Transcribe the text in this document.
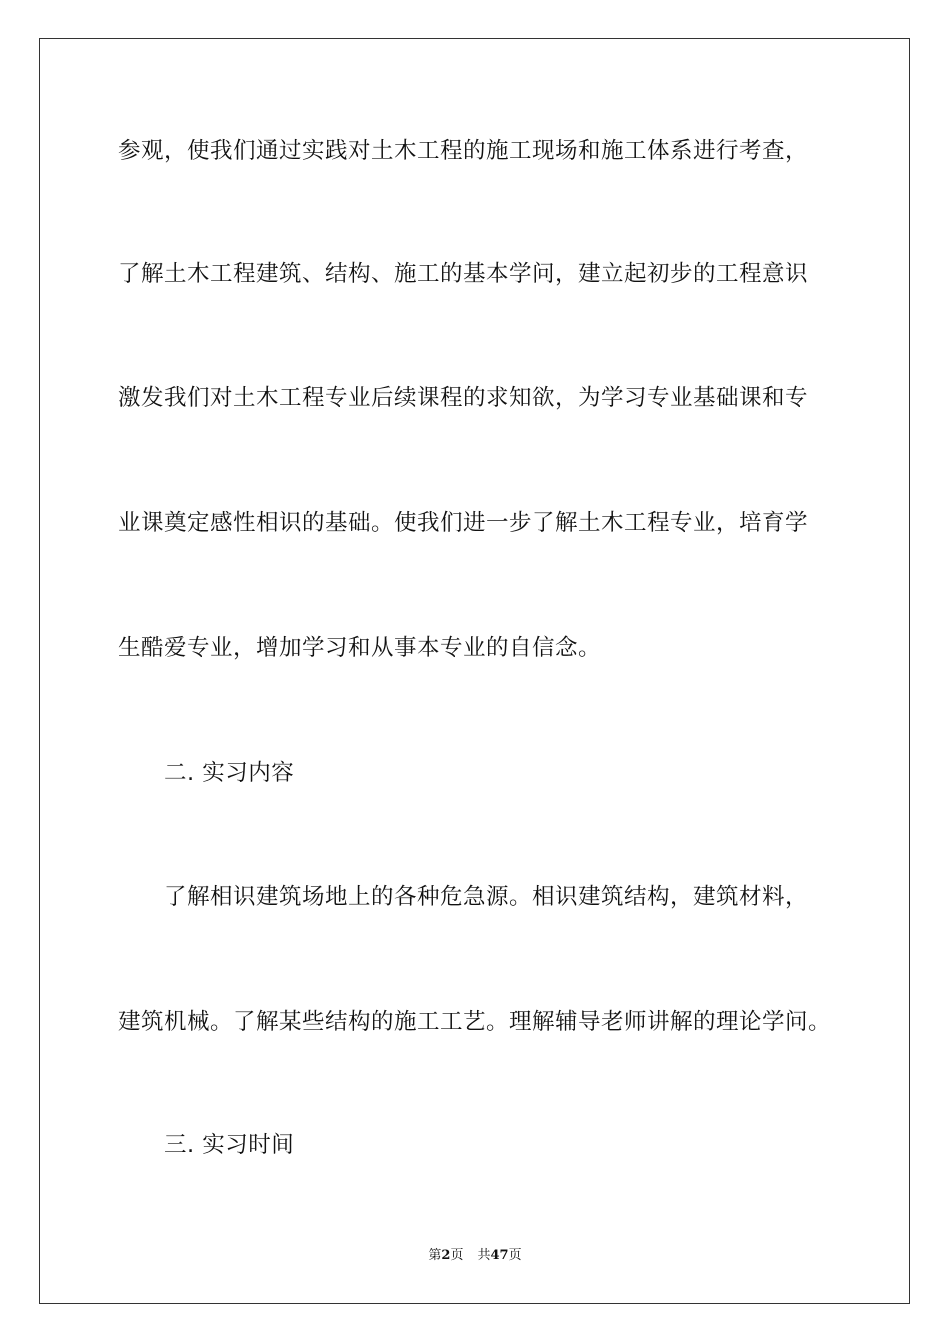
参观，使我们通过实践对土木工程的施工现场和施工体系进行考查，
了解土木工程建筑、结构、施工的基本学问，建立起初步的工程意识
激发我们对土木工程专业后续课程的求知欲，为学习专业基础课和专
业课奠定感性相识的基础。使我们进一步了解土木工程专业，培育学
生酷爱专业，增加学习和从事本专业的自信念。
二. 实习内容
了解相识建筑场地上的各种危急源。相识建筑结构，建筑材料，
建筑机械。了解某些结构的施工工艺。理解辅导老师讲解的理论学问。
三. 实习时间
第2页 共47页
